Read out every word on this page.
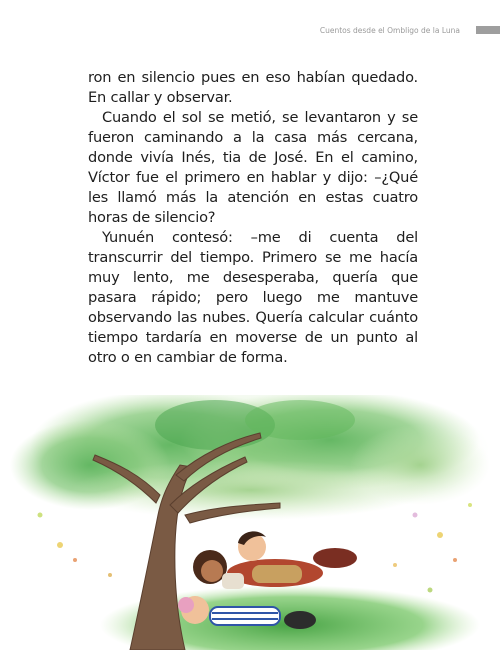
Cuentos desde el Ombligo de la Luna

ron en silencio pues en eso habían quedado. En callar y observar.

Cuando el sol se metió, se levantaron y se fueron caminando a la casa más cercana, donde vivía Inés, tia de José. En el camino, Víctor fue el primero en hablar y dijo: –¿Qué les llamó más la atención en estas cuatro horas de silencio?

Yunuén contesó: –me di cuenta del transcurrir del tiempo. Primero se me hacía muy lento, me desesperaba, quería que pasara rápido; pero luego me mantuve observando las nubes. Quería calcular cuánto tiempo tardaría en moverse de un punto al otro o en cambiar de forma.
